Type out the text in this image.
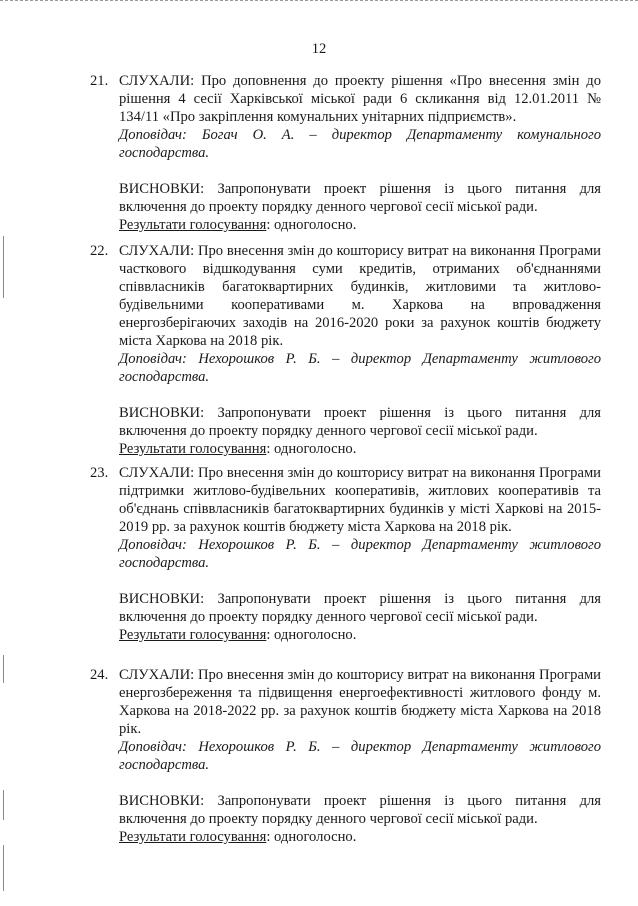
12
21. СЛУХАЛИ: Про доповнення до проекту рішення «Про внесення змін до рішення 4 сесії Харківської міської ради 6 скликання від 12.01.2011 № 134/11 «Про закріплення комунальних унітарних підприємств».

Доповідач: Богач О. А. – директор Департаменту комунального господарства.

ВИСНОВКИ: Запропонувати проект рішення із цього питання для включення до проекту порядку денного чергової сесії міської ради.

Результати голосування: одноголосно.

22. СЛУХАЛИ: Про внесення змін до кошторису витрат на виконання Програми часткового відшкодування суми кредитів, отриманих об'єднаннями співвласників багатоквартирних будинків, житловими та житлово-будівельними кооперативами м. Харкова на впровадження енергозберігаючих заходів на 2016-2020 роки за рахунок коштів бюджету міста Харкова на 2018 рік.

Доповідач: Нехорошков Р. Б. – директор Департаменту житлового господарства.

ВИСНОВКИ: Запропонувати проект рішення із цього питання для включення до проекту порядку денного чергової сесії міської ради.

Результати голосування: одноголосно.

23. СЛУХАЛИ: Про внесення змін до кошторису витрат на виконання Програми підтримки житлово-будівельних кооперативів, житлових кооперативів та об'єднань співвласників багатоквартирних будинків у місті Харкові на 2015-2019 рр. за рахунок коштів бюджету міста Харкова на 2018 рік.

Доповідач: Нехорошков Р. Б. – директор Департаменту житлового господарства.

ВИСНОВКИ: Запропонувати проект рішення із цього питання для включення до проекту порядку денного чергової сесії міської ради.

Результати голосування: одноголосно.

24. СЛУХАЛИ: Про внесення змін до кошторису витрат на виконання Програми енергозбереження та підвищення енергоефективності житлового фонду м. Харкова на 2018-2022 рр. за рахунок коштів бюджету міста Харкова на 2018 рік.

Доповідач: Нехорошков Р. Б. – директор Департаменту житлового господарства.

ВИСНОВКИ: Запропонувати проект рішення із цього питання для включення до проекту порядку денного чергової сесії міської ради.

Результати голосування: одноголосно.
